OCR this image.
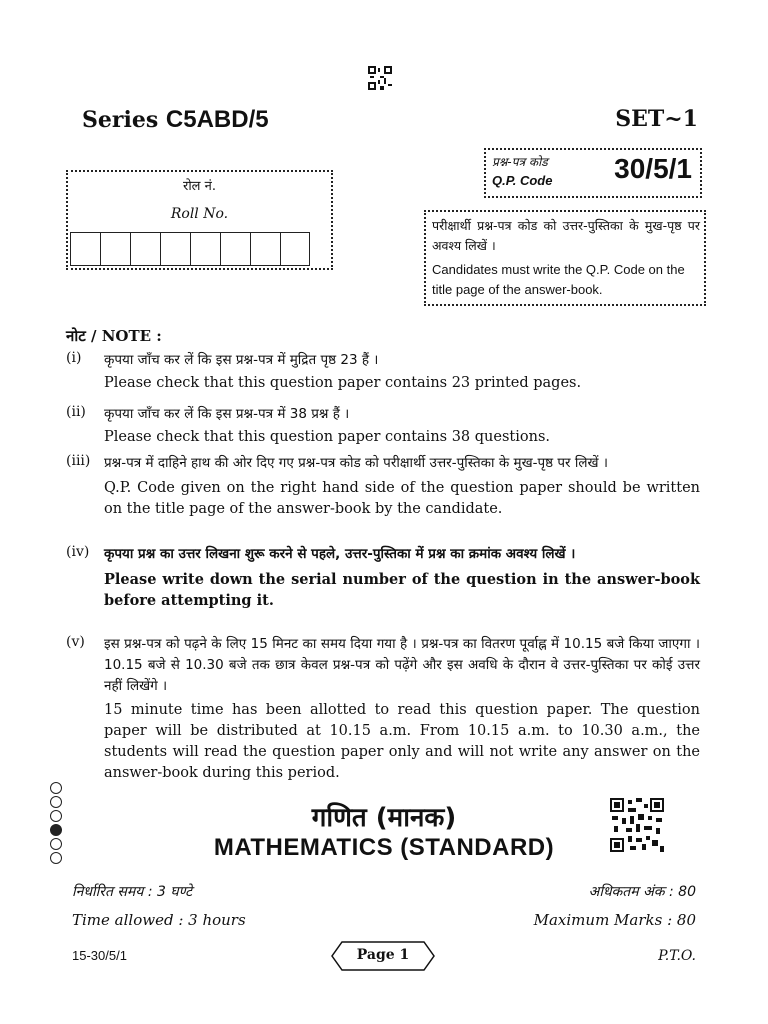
Series C5ABD/5	SET~1
रोल नं.
Roll No.
प्रश्न-पत्र कोड
Q.P. Code 30/5/1
परीक्षार्थी प्रश्न-पत्र कोड को उत्तर-पुस्तिका के मुख-पृष्ठ पर अवश्य लिखें ।
Candidates must write the Q.P. Code on the title page of the answer-book.
नोट / NOTE :
(i) कृपया जाँच कर लें कि इस प्रश्न-पत्र में मुद्रित पृष्ठ 23 हैं ।
Please check that this question paper contains 23 printed pages.
(ii) कृपया जाँच कर लें कि इस प्रश्न-पत्र में 38 प्रश्न हैं ।
Please check that this question paper contains 38 questions.
(iii) प्रश्न-पत्र में दाहिने हाथ की ओर दिए गए प्रश्न-पत्र कोड को परीक्षार्थी उत्तर-पुस्तिका के मुख-पृष्ठ पर लिखें ।
Q.P. Code given on the right hand side of the question paper should be written on the title page of the answer-book by the candidate.
(iv) कृपया प्रश्न का उत्तर लिखना शुरू करने से पहले, उत्तर-पुस्तिका में प्रश्न का क्रमांक अवश्य लिखें ।
Please write down the serial number of the question in the answer-book before attempting it.
(v) इस प्रश्न-पत्र को पढ़ने के लिए 15 मिनट का समय दिया गया है । प्रश्न-पत्र का वितरण पूर्वाह्न में 10.15 बजे किया जाएगा । 10.15 बजे से 10.30 बजे तक छात्र केवल प्रश्न-पत्र को पढ़ेंगे और इस अवधि के दौरान वे उत्तर-पुस्तिका पर कोई उत्तर नहीं लिखेंगे ।
15 minute time has been allotted to read this question paper. The question paper will be distributed at 10.15 a.m. From 10.15 a.m. to 10.30 a.m., the students will read the question paper only and will not write any answer on the answer-book during this period.
गणित (मानक)
MATHEMATICS (STANDARD)
निर्धारित समय : 3 घण्टे	अधिकतम अंक : 80
Time allowed : 3 hours	Maximum Marks : 80
15-30/5/1	Page 1	P.T.O.
